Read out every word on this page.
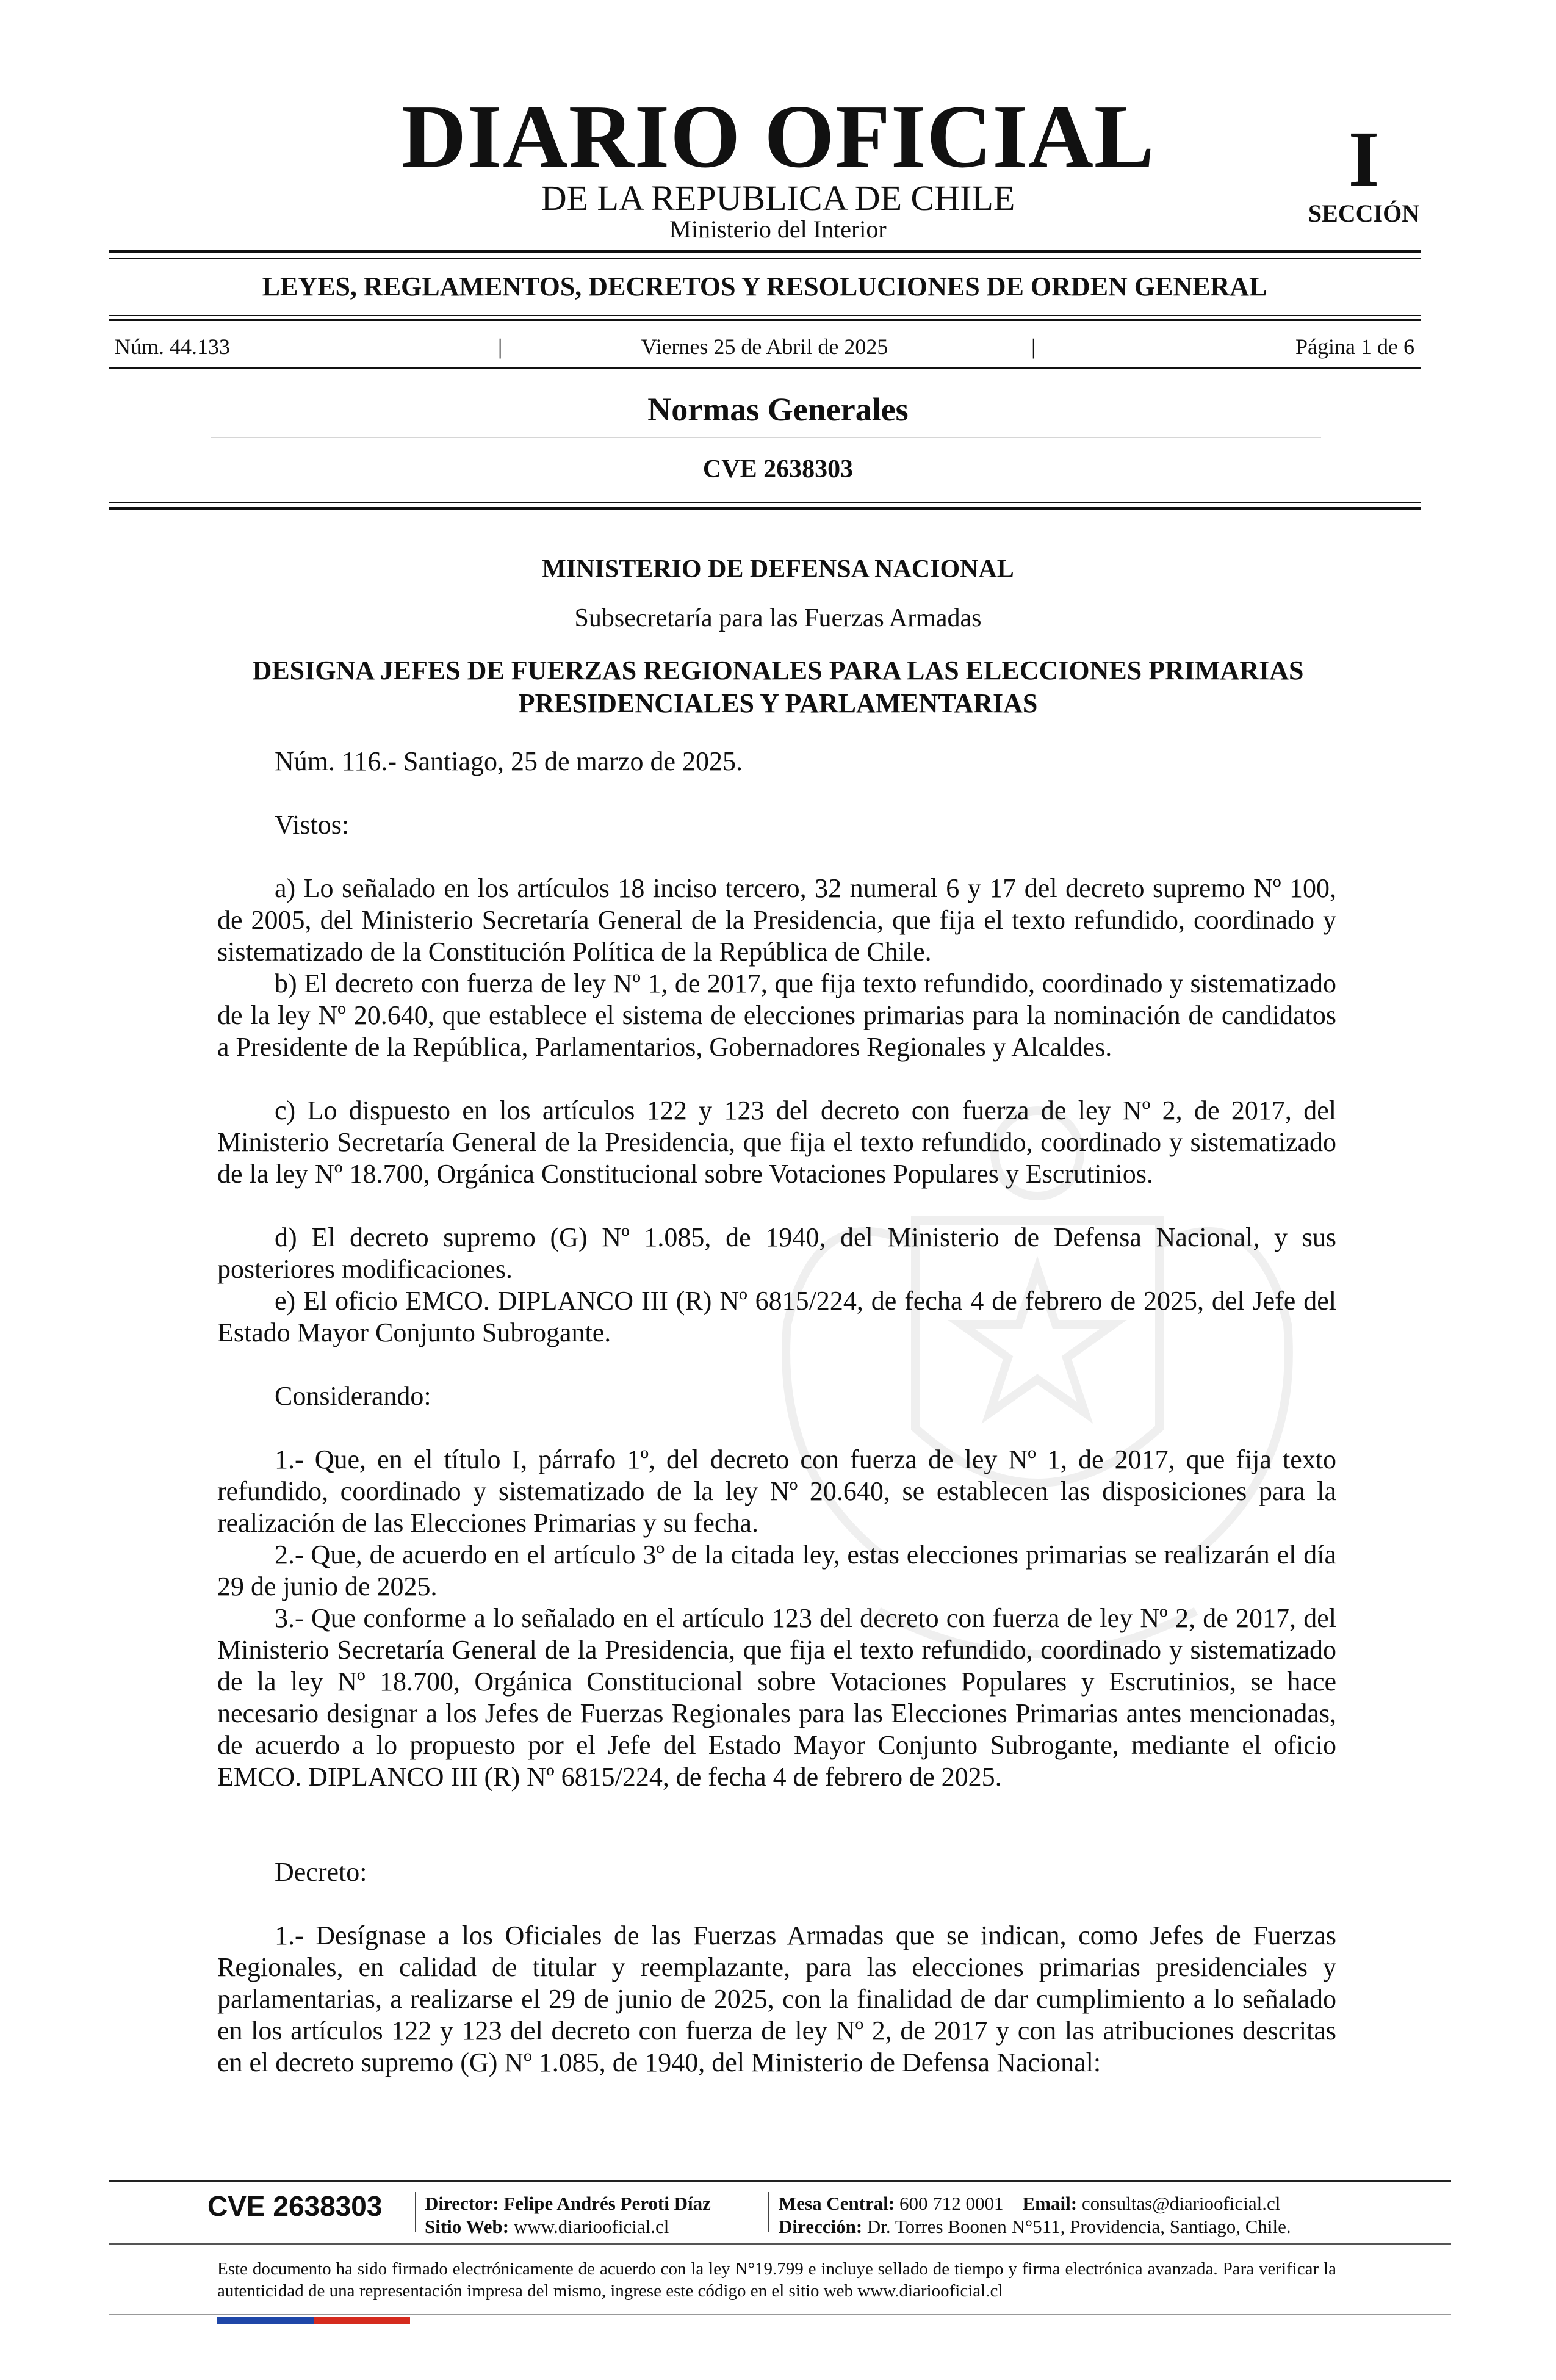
DIARIO OFICIAL
DE LA REPUBLICA DE CHILE
Ministerio del Interior
I
SECCIÓN
LEYES, REGLAMENTOS, DECRETOS Y RESOLUCIONES DE ORDEN GENERAL
Núm. 44.133	|	Viernes 25 de Abril de 2025	|	Página 1 de 6
Normas Generales
CVE 2638303
MINISTERIO DE DEFENSA NACIONAL
Subsecretaría para las Fuerzas Armadas
DESIGNA JEFES DE FUERZAS REGIONALES PARA LAS ELECCIONES PRIMARIAS PRESIDENCIALES Y PARLAMENTARIAS
Núm. 116.- Santiago, 25 de marzo de 2025.
Vistos:

a) Lo señalado en los artículos 18 inciso tercero, 32 numeral 6 y 17 del decreto supremo Nº 100, de 2005, del Ministerio Secretaría General de la Presidencia, que fija el texto refundido, coordinado y sistematizado de la Constitución Política de la República de Chile.

b) El decreto con fuerza de ley Nº 1, de 2017, que fija texto refundido, coordinado y sistematizado de la ley Nº 20.640, que establece el sistema de elecciones primarias para la nominación de candidatos a Presidente de la República, Parlamentarios, Gobernadores Regionales y Alcaldes.

c) Lo dispuesto en los artículos 122 y 123 del decreto con fuerza de ley Nº 2, de 2017, del Ministerio Secretaría General de la Presidencia, que fija el texto refundido, coordinado y sistematizado de la ley Nº 18.700, Orgánica Constitucional sobre Votaciones Populares y Escrutinios.

d) El decreto supremo (G) Nº 1.085, de 1940, del Ministerio de Defensa Nacional, y sus posteriores modificaciones.

e) El oficio EMCO. DIPLANCO III (R) Nº 6815/224, de fecha 4 de febrero de 2025, del Jefe del Estado Mayor Conjunto Subrogante.

Considerando:

1.- Que, en el título I, párrafo 1º, del decreto con fuerza de ley Nº 1, de 2017, que fija texto refundido, coordinado y sistematizado de la ley Nº 20.640, se establecen las disposiciones para la realización de las Elecciones Primarias y su fecha.

2.- Que, de acuerdo en el artículo 3º de la citada ley, estas elecciones primarias se realizarán el día 29 de junio de 2025.

3.- Que conforme a lo señalado en el artículo 123 del decreto con fuerza de ley Nº 2, de 2017, del Ministerio Secretaría General de la Presidencia, que fija el texto refundido, coordinado y sistematizado de la ley Nº 18.700, Orgánica Constitucional sobre Votaciones Populares y Escrutinios, se hace necesario designar a los Jefes de Fuerzas Regionales para las Elecciones Primarias antes mencionadas, de acuerdo a lo propuesto por el Jefe del Estado Mayor Conjunto Subrogante, mediante el oficio EMCO. DIPLANCO III (R) Nº 6815/224, de fecha 4 de febrero de 2025.

Decreto:

1.- Desígnase a los Oficiales de las Fuerzas Armadas que se indican, como Jefes de Fuerzas Regionales, en calidad de titular y reemplazante, para las elecciones primarias presidenciales y parlamentarias, a realizarse el 29 de junio de 2025, con la finalidad de dar cumplimiento a lo señalado en los artículos 122 y 123 del decreto con fuerza de ley Nº 2, de 2017 y con las atribuciones descritas en el decreto supremo (G) Nº 1.085, de 1940, del Ministerio de Defensa Nacional:

CVE 2638303 Director: Felipe Andrés Peroti Díaz
Sitio Web: www.diariooficial.cl
Mesa Central: 600 712 0001 Email: consultas@diariooficial.cl
Dirección: Dr. Torres Boonen N°511, Providencia, Santiago, Chile.

Este documento ha sido firmado electrónicamente de acuerdo con la ley N°19.799 e incluye sellado de tiempo y firma electrónica avanzada. Para verificar la autenticidad de una representación impresa del mismo, ingrese este código en el sitio web www.diariooficial.cl
